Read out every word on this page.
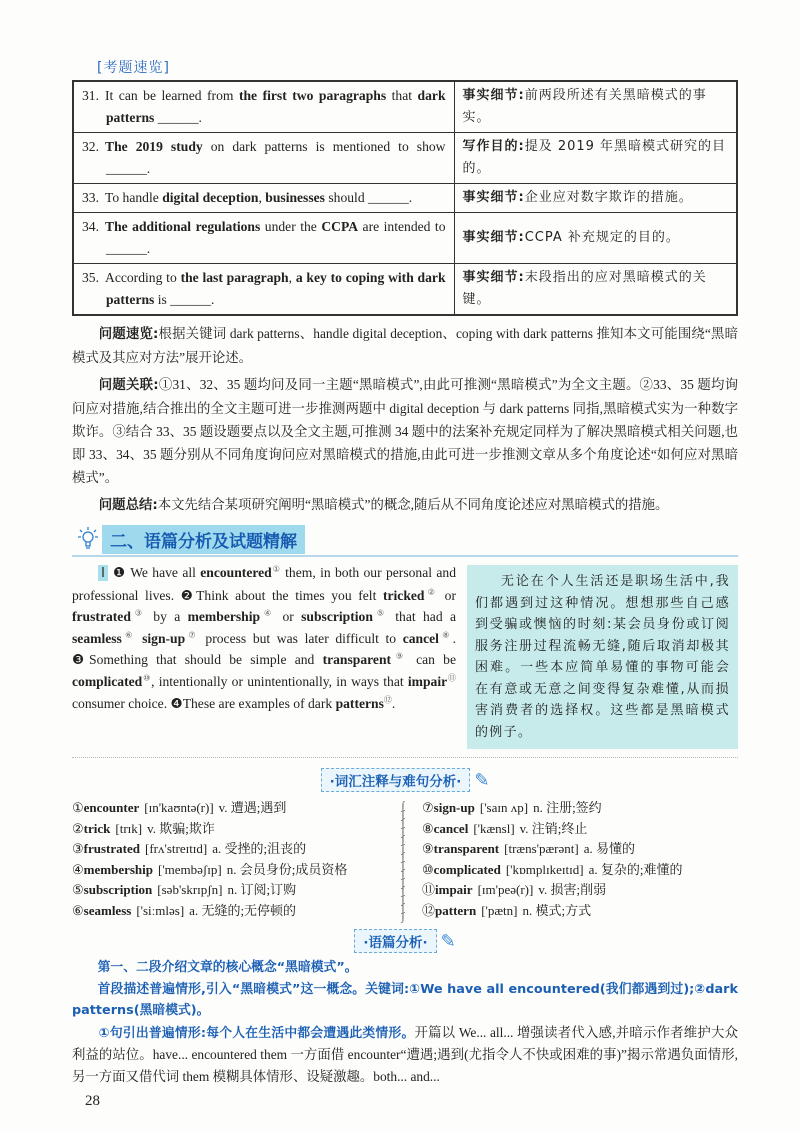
[考题速览]
31. It can be learned from the first two paragraphs that dark patterns ______.	事实细节:前两段所述有关黑暗模式的事实。

32. The 2019 study on dark patterns is mentioned to show ______.	写作目的:提及 2019 年黑暗模式研究的目的。

33. To handle digital deception, businesses should ______.	事实细节:企业应对数字欺诈的措施。

34. The additional regulations under the CCPA are intended to ______.	事实细节:CCPA 补充规定的目的。

35. According to the last paragraph, a key to coping with dark patterns is ______.	事实细节:末段指出的应对黑暗模式的关键。
问题速览:根据关键词 dark patterns、handle digital deception、coping with dark patterns 推知本文可能围绕“黑暗模式及其应对方法”展开论述。
问题关联:①31、32、35 题均问及同一主题“黑暗模式”,由此可推测“黑暗模式”为全文主题。②33、35 题均询问应对措施,结合推出的全文主题可进一步推测两题中 digital deception 与 dark patterns 同指,黑暗模式实为一种数字欺诈。③结合 33、35 题设题要点以及全文主题,可推测 34 题中的法案补充规定同样为了解决黑暗模式相关问题,也即 33、34、35 题分别从不同角度询问应对黑暗模式的措施,由此可进一步推测文章从多个角度论述“如何应对黑暗模式”。
问题总结:本文先结合某项研究阐明“黑暗模式”的概念,随后从不同角度论述应对黑暗模式的措施。
二、语篇分析及试题精解
I ❶ We have all encountered① them, in both our personal and professional lives. ❷Think about the times you felt tricked② or frustrated③ by a membership④ or subscription⑤ that had a seamless⑥ sign-up⑦ process but was later difficult to cancel⑧. ❸Something that should be simple and transparent⑨ can be complicated⑩, intentionally or unintentionally, in ways that impair⑪ consumer choice. ❹These are examples of dark patterns⑫.
无论在个人生活还是职场生活中,我们都遇到过这种情况。想想那些自己感到受骗或懊恼的时刻:某会员身份或订阅服务注册过程流畅无缝,随后取消却极其困难。一些本应简单易懂的事物可能会在有意或无意之间变得复杂难懂,从而损害消费者的选择权。这些都是黑暗模式的例子。
·词汇注释与难句分析· ✎
①encounter [ɪn'kaʊntə(r)] v. 遭遇;遇到
②trick [trɪk] v. 欺骗;欺诈
③frustrated [frʌ'streɪtɪd] a. 受挫的;沮丧的
④membership ['membəʃɪp] n. 会员身份;成员资格
⑤subscription [səb'skrɪpʃn] n. 订阅;订购
⑥seamless ['siːmləs] a. 无缝的;无停顿的
∫
∫
∫
∫
∫
∫
∫
∫
∫
∫
∫
∫
∫
∫

⑦sign-up ['saɪn ʌp] n. 注册;签约
⑧cancel ['kænsl] v. 注销;终止
⑨transparent [træns'pærənt] a. 易懂的
⑩complicated ['kɒmplɪkeɪtɪd] a. 复杂的;难懂的
⑪impair [ɪm'peə(r)] v. 损害;削弱
⑫pattern ['pætn] n. 模式;方式
·语篇分析· ✎
第一、二段介绍文章的核心概念“黑暗模式”。
首段描述普遍情形,引入“黑暗模式”这一概念。关键词:①We have all encountered(我们都遇到过);②dark patterns(黑暗模式)。
①句引出普遍情形:每个人在生活中都会遭遇此类情形。开篇以 We... all... 增强读者代入感,并暗示作者维护大众利益的站位。have... encountered them 一方面借 encounter“遭遇;遇到(尤指令人不快或困难的事)”揭示常遇负面情形,另一方面又借代词 them 模糊具体情形、设疑激趣。both... and...
28
